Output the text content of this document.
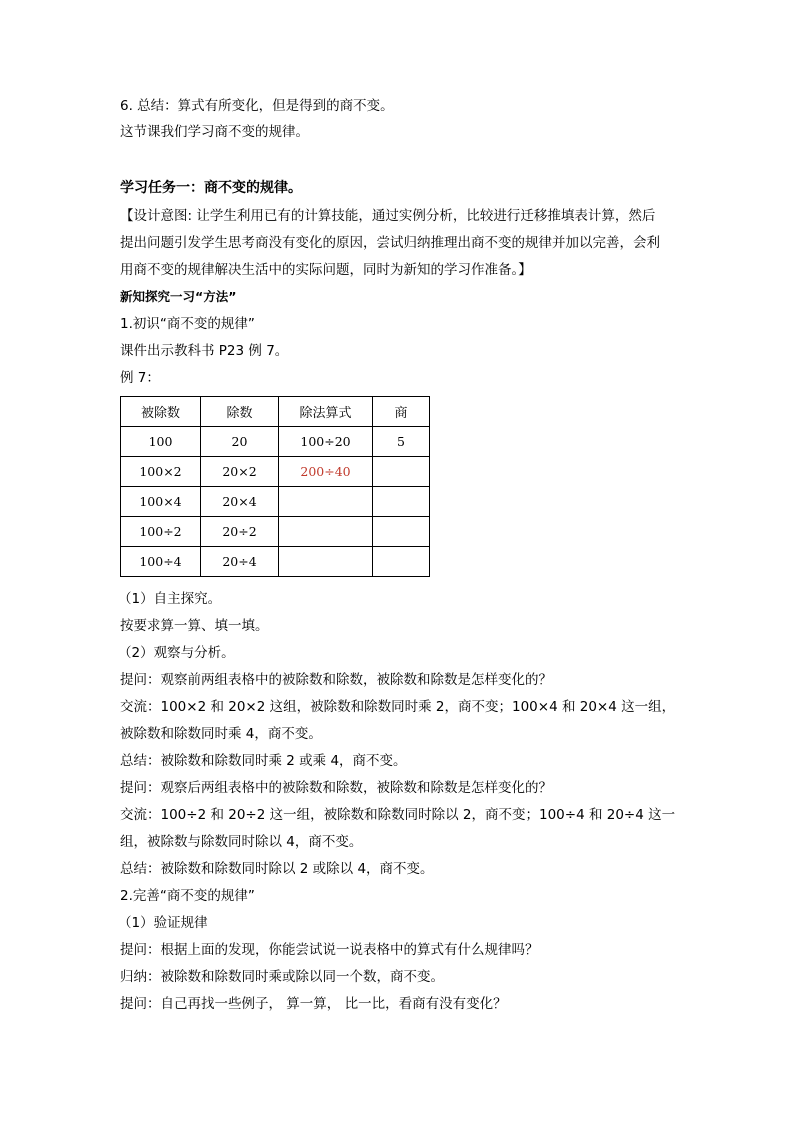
6. 总结：算式有所变化，但是得到的商不变。
这节课我们学习商不变的规律。
学习任务一：商不变的规律。
【设计意图: 让学生利用已有的计算技能，通过实例分析，比较进行迁移推填表计算，然后
提出问题引发学生思考商没有变化的原因，尝试归纳推理出商不变的规律并加以完善，会利
用商不变的规律解决生活中的实际问题，同时为新知的学习作准备。】
新知探究一习“方法”
1.初识“商不变的规律”
课件出示教科书 P23 例 7。
例 7：
被除数	除数	除法算式	商
100	20	100÷20	5
100×2	20×2	200÷40	
100×4	20×4		
100÷2	20÷2		
100÷4	20÷4		
（1）自主探究。
按要求算一算、填一填。
（2）观察与分析。
提问：观察前两组表格中的被除数和除数，被除数和除数是怎样变化的？
交流：100×2 和 20×2 这组，被除数和除数同时乘 2，商不变；100×4 和 20×4 这一组，
被除数和除数同时乘 4，商不变。
总结：被除数和除数同时乘 2 或乘 4，商不变。
提问：观察后两组表格中的被除数和除数，被除数和除数是怎样变化的？
交流：100÷2 和 20÷2 这一组，被除数和除数同时除以 2，商不变；100÷4 和 20÷4 这一
组，被除数与除数同时除以 4，商不变。
总结：被除数和除数同时除以 2 或除以 4，商不变。
2.完善“商不变的规律”
（1）验证规律
提问：根据上面的发现，你能尝试说一说表格中的算式有什么规律吗？
归纳：被除数和除数同时乘或除以同一个数，商不变。
提问：自己再找一些例子， 算一算， 比一比，看商有没有变化？
